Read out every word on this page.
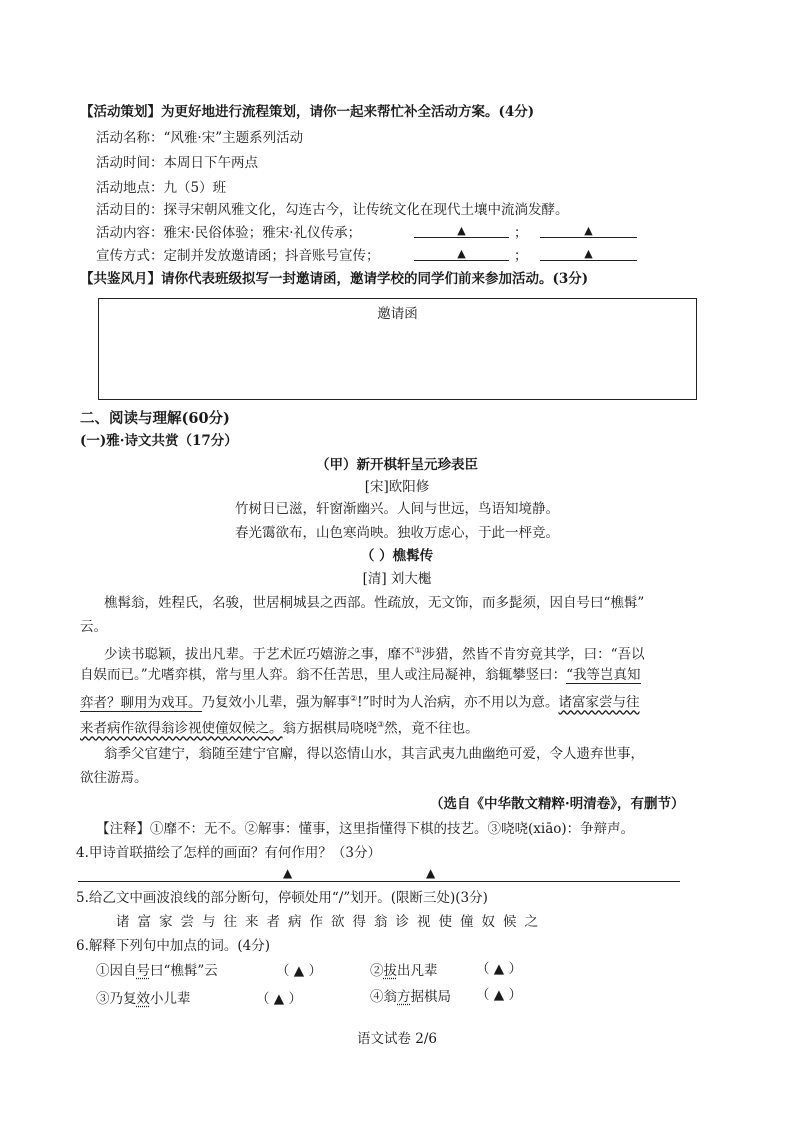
【活动策划】为更好地进行流程策划，请你一起来帮忙补全活动方案。(4分)
活动名称：“风雅·宋”主题系列活动
活动时间：本周日下午两点
活动地点：九（5）班
活动目的：探寻宋朝风雅文化，勾连古今，让传统文化在现代土壤中流淌发酵。
活动内容：雅宋·民俗体验；雅宋·礼仪传承；	▲	；	▲
宣传方式：定制并发放邀请函；抖音账号宣传；	▲	；	▲
【共鉴风月】请你代表班级拟写一封邀请函，邀请学校的同学们前来参加活动。(3分)
邀请函
二、阅读与理解(60分)
(一)雅·诗文共赏（17分）
（甲）新开棋轩呈元珍表臣
[宋]欧阳修
竹树日已滋，轩窗渐幽兴。人间与世远，鸟语知境静。
春光霭欲布，山色寒尚映。独收万虑心，于此一枰竞。
（ ）樵髯传
[清] 刘大櫆
樵髯翁，姓程氏，名骏，世居桐城县之西部。性疏放，无文饰，而多髭须，因自号曰“樵髯”
云。
少读书聪颖，拔出凡辈。于艺术匠巧嬉游之事，靡不①涉猎，然皆不肯穷竟其学，曰：“吾以
自娱而已。”尤嗜弈棋，常与里人弈。翁不任苦思，里人或注局凝神，翁辄攀竖曰：“我等岂真知
弈者？聊用为戏耳。乃复效小儿辈，强为解事②!”时时为人治病，亦不用以为意。诸富家尝与往
来者病作欲得翁诊视使僮奴候之。翁方据棋局哓哓③然，竟不往也。
翁季父官建宁，翁随至建宁官廨，得以恣情山水，其言武夷九曲幽绝可爱，令人遗弃世事，
欲往游焉。
（选自《中华散文精粹·明清卷》，有删节）
【注释】①靡不：无不。②解事：懂事，这里指懂得下棋的技艺。③哓哓(xiāo)：争辩声。
4.甲诗首联描绘了怎样的画面？有何作用？（3分）
▲	▲
5.给乙文中画波浪线的部分断句，停顿处用“/”划开。(限断三处)(3分)
诸富家尝与往来者病作欲得翁诊视使僮奴候之
6.解释下列句中加点的词。(4分)
①因自号曰“樵髯”云	（ ▲ ）	②拔出凡辈	（ ▲ ）
③乃复效小儿辈	（ ▲ ）	④翁方据棋局 （ ▲ ）
语文试卷 2/6
